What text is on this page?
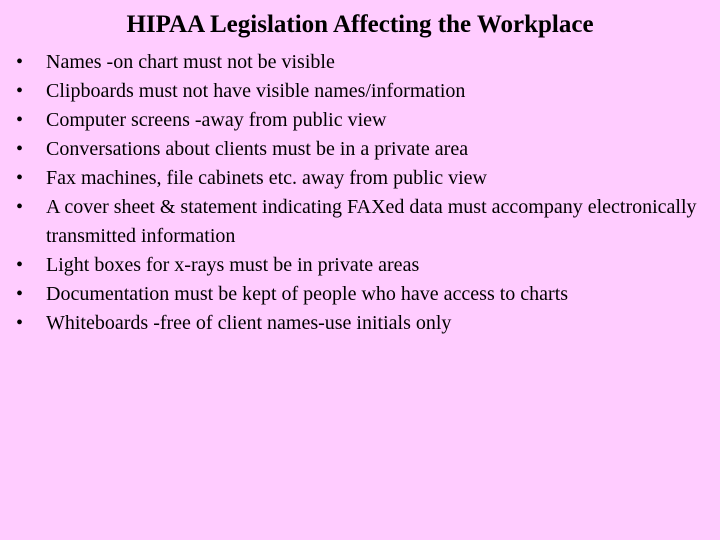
HIPAA Legislation Affecting the Workplace
•	Names -on chart must not be visible
•	Clipboards must not have visible names/information
•	Computer screens -away from public view
•	Conversations about clients must be in a private area
•	Fax machines, file cabinets etc. away from public view
•	A cover sheet & statement indicating FAXed data must accompany electronically transmitted information
•	Light boxes for x-rays must be in private areas
•	Documentation must be kept of people who have access to charts
•	Whiteboards -free of client names-use initials only
